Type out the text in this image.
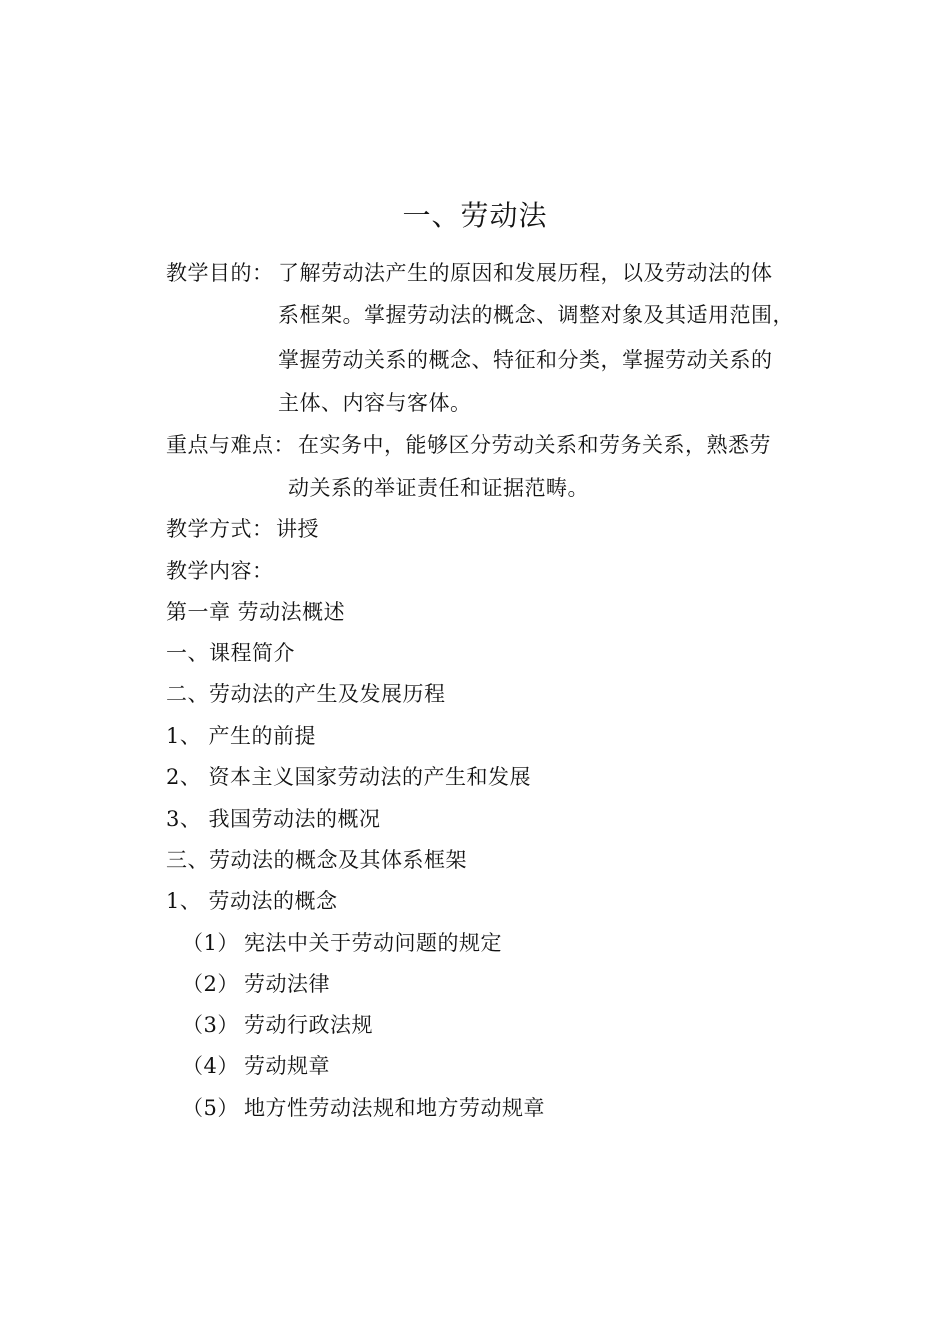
一、劳动法
教学目的： 了解劳动法产生的原因和发展历程，以及劳动法的体
系框架。掌握劳动法的概念、调整对象及其适用范围，
掌握劳动关系的概念、特征和分类，掌握劳动关系的
主体、内容与客体。
重点与难点： 在实务中，能够区分劳动关系和劳务关系，熟悉劳
动关系的举证责任和证据范畴。
教学方式： 讲授
教学内容：
第一章 劳动法概述
一、课程简介
二、劳动法的产生及发展历程
1、 产生的前提
2、 资本主义国家劳动法的产生和发展
3、 我国劳动法的概况
三、劳动法的概念及其体系框架
1、 劳动法的概念
（1） 宪法中关于劳动问题的规定
（2） 劳动法律
（3） 劳动行政法规
（4） 劳动规章
（5） 地方性劳动法规和地方劳动规章
